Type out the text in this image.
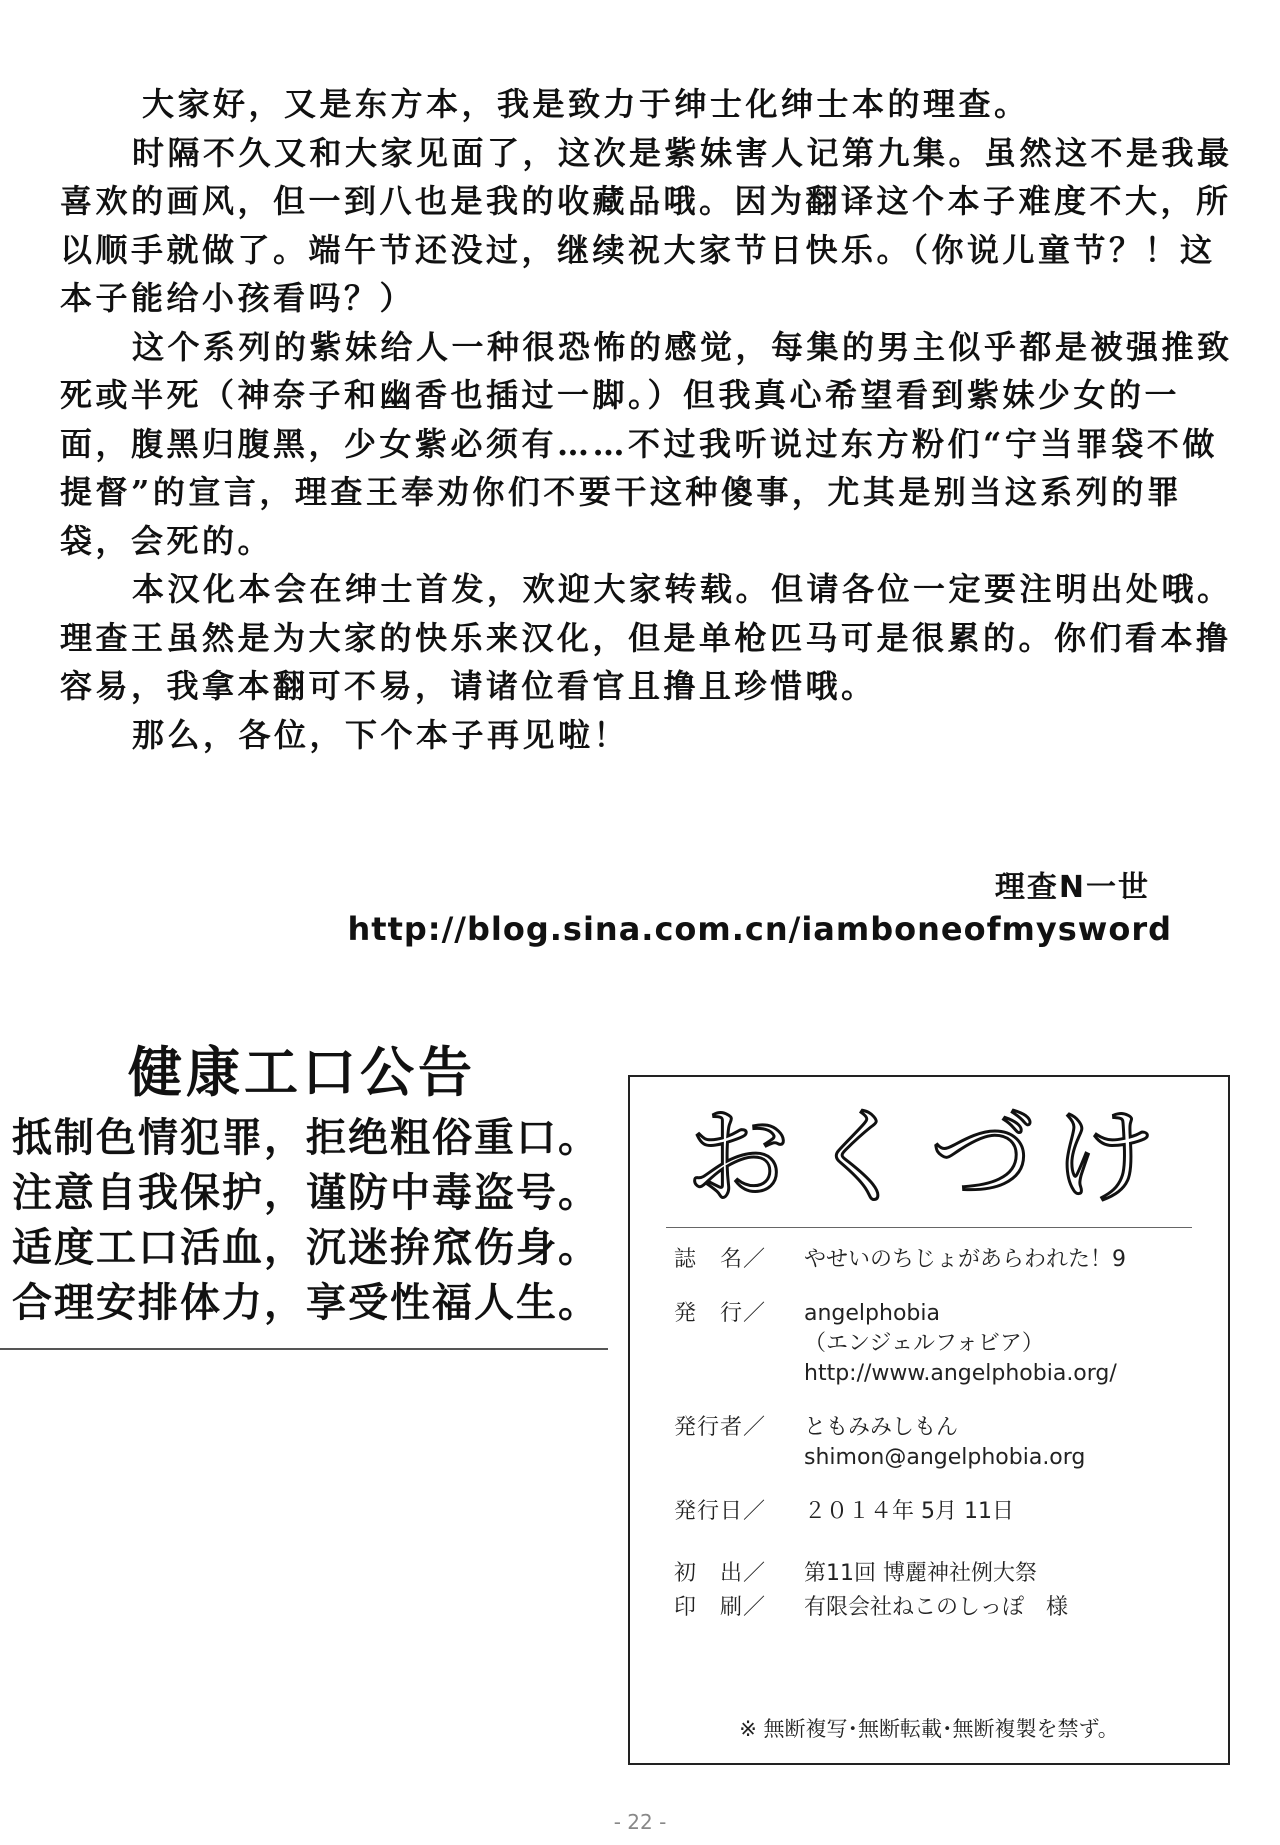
大家好，又是东方本，我是致力于绅士化绅士本的理查。

时隔不久又和大家见面了，这次是紫妹害人记第九集。虽然这不是我最喜欢的画风，但一到八也是我的收藏品哦。因为翻译这个本子难度不大，所以顺手就做了。端午节还没过，继续祝大家节日快乐。（你说儿童节？！这本子能给小孩看吗？）

这个系列的紫妹给人一种很恐怖的感觉，每集的男主似乎都是被强推致死或半死（神奈子和幽香也插过一脚。）但我真心希望看到紫妹少女的一面，腹黑归腹黑，少女紫必须有……不过我听说过东方粉们“宁当罪袋不做提督”的宣言，理查王奉劝你们不要干这种傻事，尤其是别当这系列的罪袋，会死的。

本汉化本会在绅士首发，欢迎大家转载。但请各位一定要注明出处哦。理查王虽然是为大家的快乐来汉化，但是单枪匹马可是很累的。你们看本撸容易，我拿本翻可不易，请诸位看官且撸且珍惜哦。

那么，各位，下个本子再见啦！

理查N一世
http://blog.sina.com.cn/iamboneofmysword
健康工口公告
抵制色情犯罪，拒绝粗俗重口。
注意自我保护，谨防中毒盗号。
适度工口活血，沉迷拚窊伤身。
合理安排体力，享受性福人生。
おくづけ
誌　名／ やせいのちじょがあらわれた！9
発　行／ angelphobia
（エンジェルフォビア）
http://www.angelphobia.org/
発行者／ ともみみしもん
shimon@angelphobia.org
発行日／ ２０１４年 5月 11日
初　出／ 第11回 博麗神社例大祭
印　刷／ 有限会社ねこのしっぽ　様
※ 無断複写･無断転載･無断複製を禁ず。
- 22 -
